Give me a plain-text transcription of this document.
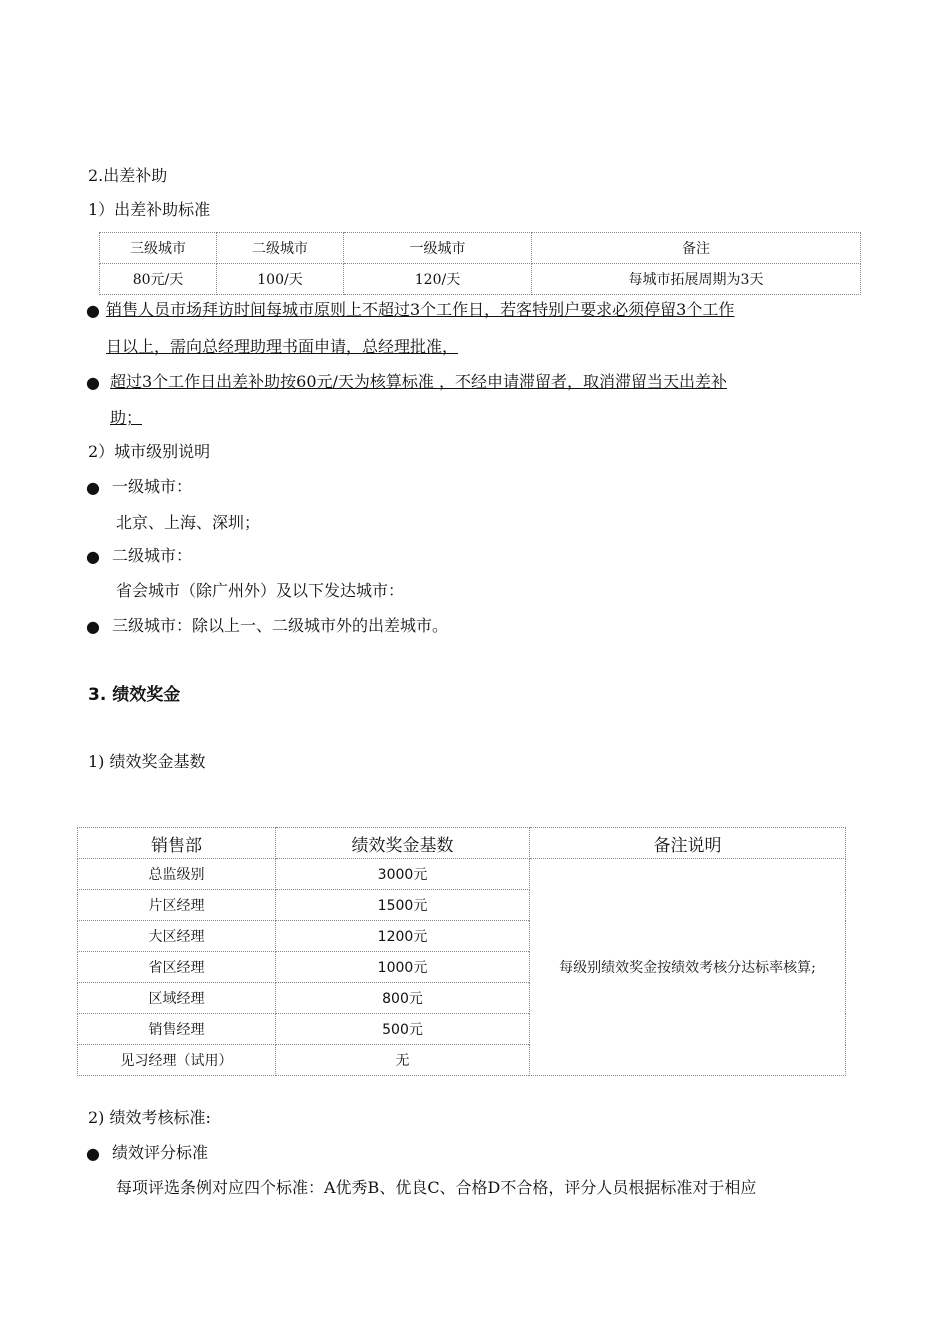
2.出差补助
1）出差补助标准
三级城市	二级城市	一级城市	备注
80元/天	100/天	120/天	每城市拓展周期为3天
● 销售人员市场拜访时间每城市原则上不超过3个工作日，若客特别户要求必须停留3个工作
日以上，需向总经理助理书面申请，总经理批准，
● 超过3个工作日出差补助按60元/天为核算标准 ，不经申请滞留者，取消滞留当天出差补
助；
2）城市级别说明
● 一级城市：
北京、上海、深圳；
● 二级城市：
省会城市（除广州外）及以下发达城市：
● 三级城市：除以上一、二级城市外的出差城市。
3. 绩效奖金
1) 绩效奖金基数
销售部	绩效奖金基数	备注说明
总监级别	3000元	每级别绩效奖金按绩效考核分达标率核算;
片区经理	1500元	
大区经理	1200元	
省区经理	1000元	
区域经理	800元	
销售经理	500元	
见习经理（试用）	无	
2) 绩效考核标准:
● 绩效评分标准
每项评选条例对应四个标准：A优秀B、优良C、合格D不合格，评分人员根据标准对于相应
